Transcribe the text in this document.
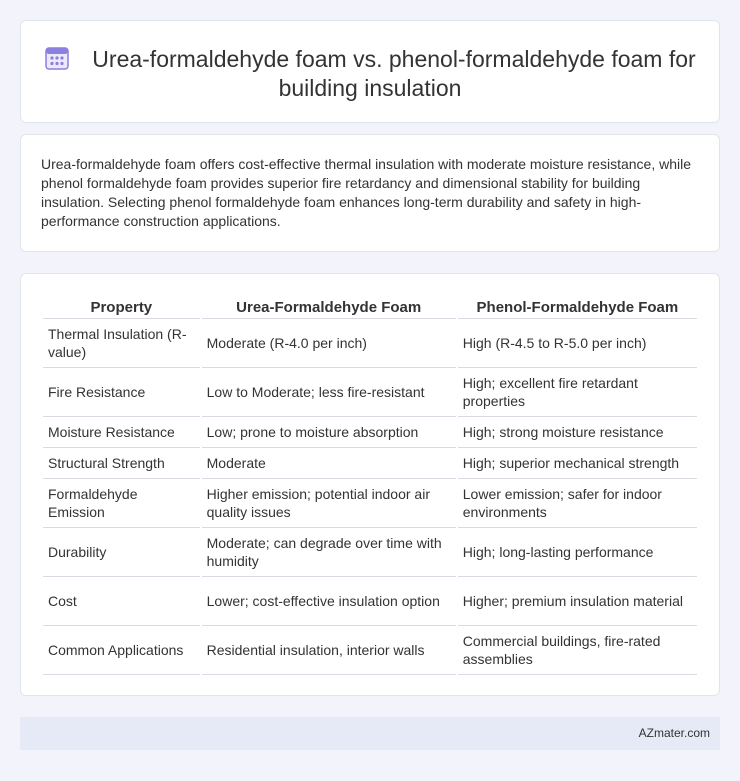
Urea-formaldehyde foam vs. phenol-formaldehyde foam for building insulation

Urea-formaldehyde foam offers cost-effective thermal insulation with moderate moisture resistance, while phenol formaldehyde foam provides superior fire retardancy and dimensional stability for building insulation. Selecting phenol formaldehyde foam enhances long-term durability and safety in high-performance construction applications.

Property	Urea-Formaldehyde Foam	Phenol-Formaldehyde Foam
Thermal Insulation (R-value)	Moderate (R-4.0 per inch)	High (R-4.5 to R-5.0 per inch)
Fire Resistance	Low to Moderate; less fire-resistant	High; excellent fire retardant properties
Moisture Resistance	Low; prone to moisture absorption	High; strong moisture resistance
Structural Strength	Moderate	High; superior mechanical strength
Formaldehyde Emission	Higher emission; potential indoor air quality issues	Lower emission; safer for indoor environments
Durability	Moderate; can degrade over time with humidity	High; long-lasting performance
Cost	Lower; cost-effective insulation option	Higher; premium insulation material
Common Applications	Residential insulation, interior walls	Commercial buildings, fire-rated assemblies
AZmater.com
